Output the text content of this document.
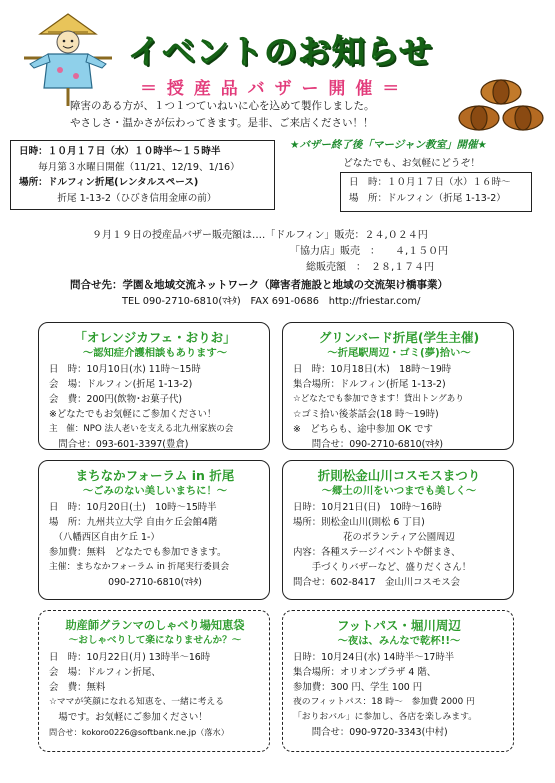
イベントのお知らせ
＝ 授 産 品 バ ザ ー 開 催 ＝
障害のある方が、１つ１つていねいに心を込めて製作しました。
やさしさ・温かさが伝わってきます。是非、ご来店ください！！
日時：１０月１７日（水）１０時半～１５時半
　　毎月第３水曜日開催（11/21、12/19、1/16）
場所：ドルフィン折尾(レンタルスペース)
　　　　折尾 1-13-2（ひびき信用金庫の前）
★バザー終了後「マージャン教室」開催★
どなたでも、お気軽にどうぞ！
日　時：１０月１７日（水）１６時～
場　所：ドルフィン（折尾 1-13-2）
９月１９日の授産品バザー販売額は‥‥「ドルフィン」販売：２４,０２４円
「協力店」販売　：　　４,１５０円
総販売額　：　２８,１７４円
問合せ先：学園＆地域交流ネットワーク（障害者施設と地域の交流架け橋事業）
TEL 090-2710-6810(ﾏｷﾀ)　FAX 691-0686　http://friestar.com/
「オレンジカフェ・おりお」
～認知症介護相談もあります～
日　時：10月10日(水) 11時～15時
会　場：ドルフィン(折尾 1-13-2)
会　費：200円(飲物･お菓子代)
※どなたでもお気軽にご参加ください！
主　催：NPO 法人老いを支える北九州家族の会
　問合せ：093-601-3397(豊倉)
グリンバード折尾(学生主催)
～折尾駅周辺・ゴミ(夢)拾い～
日　時：10月18日(木)　18時～19時
集合場所：ドルフィン(折尾 1-13-2)
☆どなたでも参加できます！貸出トングあり
☆ゴミ拾い後茶話会(18 時～19時)
※　どちらも、途中参加 OK です
　　問合せ：090-2710-6810(ﾏｷﾀ)
まちなかフォーラム in 折尾
～ごみのない美しいまちに！～
日　時：10月20日(土)　10時～15時半
場　所：九州共立大学 自由ケ丘会館4階
　（八幡西区自由ケ丘 1-）
参加費：無料　どなたでも参加できます。
主催：まちなかフォーラム in 折尾実行委員会
090-2710-6810(ﾏｷﾀ)
折則松金山川コスモスまつり
～郷土の川をいつまでも美しく～
日時：10月21日(日)　10時～16時
場所：則松金山川(則松 6 丁目)
花のボランティア公園周辺
内容：各種ステージイベントや餅まき、
　　手づくりバザーなど、盛りだくさん！
問合せ：602-8417　金山川コスモス会
助産師グランマのしゃべり場知恵袋
～おしゃべりして楽になりませんか？～
日　時：10月22日(月) 13時半～16時
会　場：ドルフィン折尾、
会　費：無料
☆ママが笑顔になれる知恵を、一緒に考える
　場です。お気軽にご参加ください！
問合せ：kokoro0226@softbank.ne.jp（落水）
フットパス・堀川周辺
～夜は、みんなで乾杯!!～
日時：10月24日(水) 14時半～17時半
集合場所：オリオンプラザ 4 階、
参加費：300 円、学生 100 円
夜のフィットパス：18 時～　参加費 2000 円
「おりおバル」に参加し、各店を楽しみます。
　　問合せ：090-9720-3343(中村)
